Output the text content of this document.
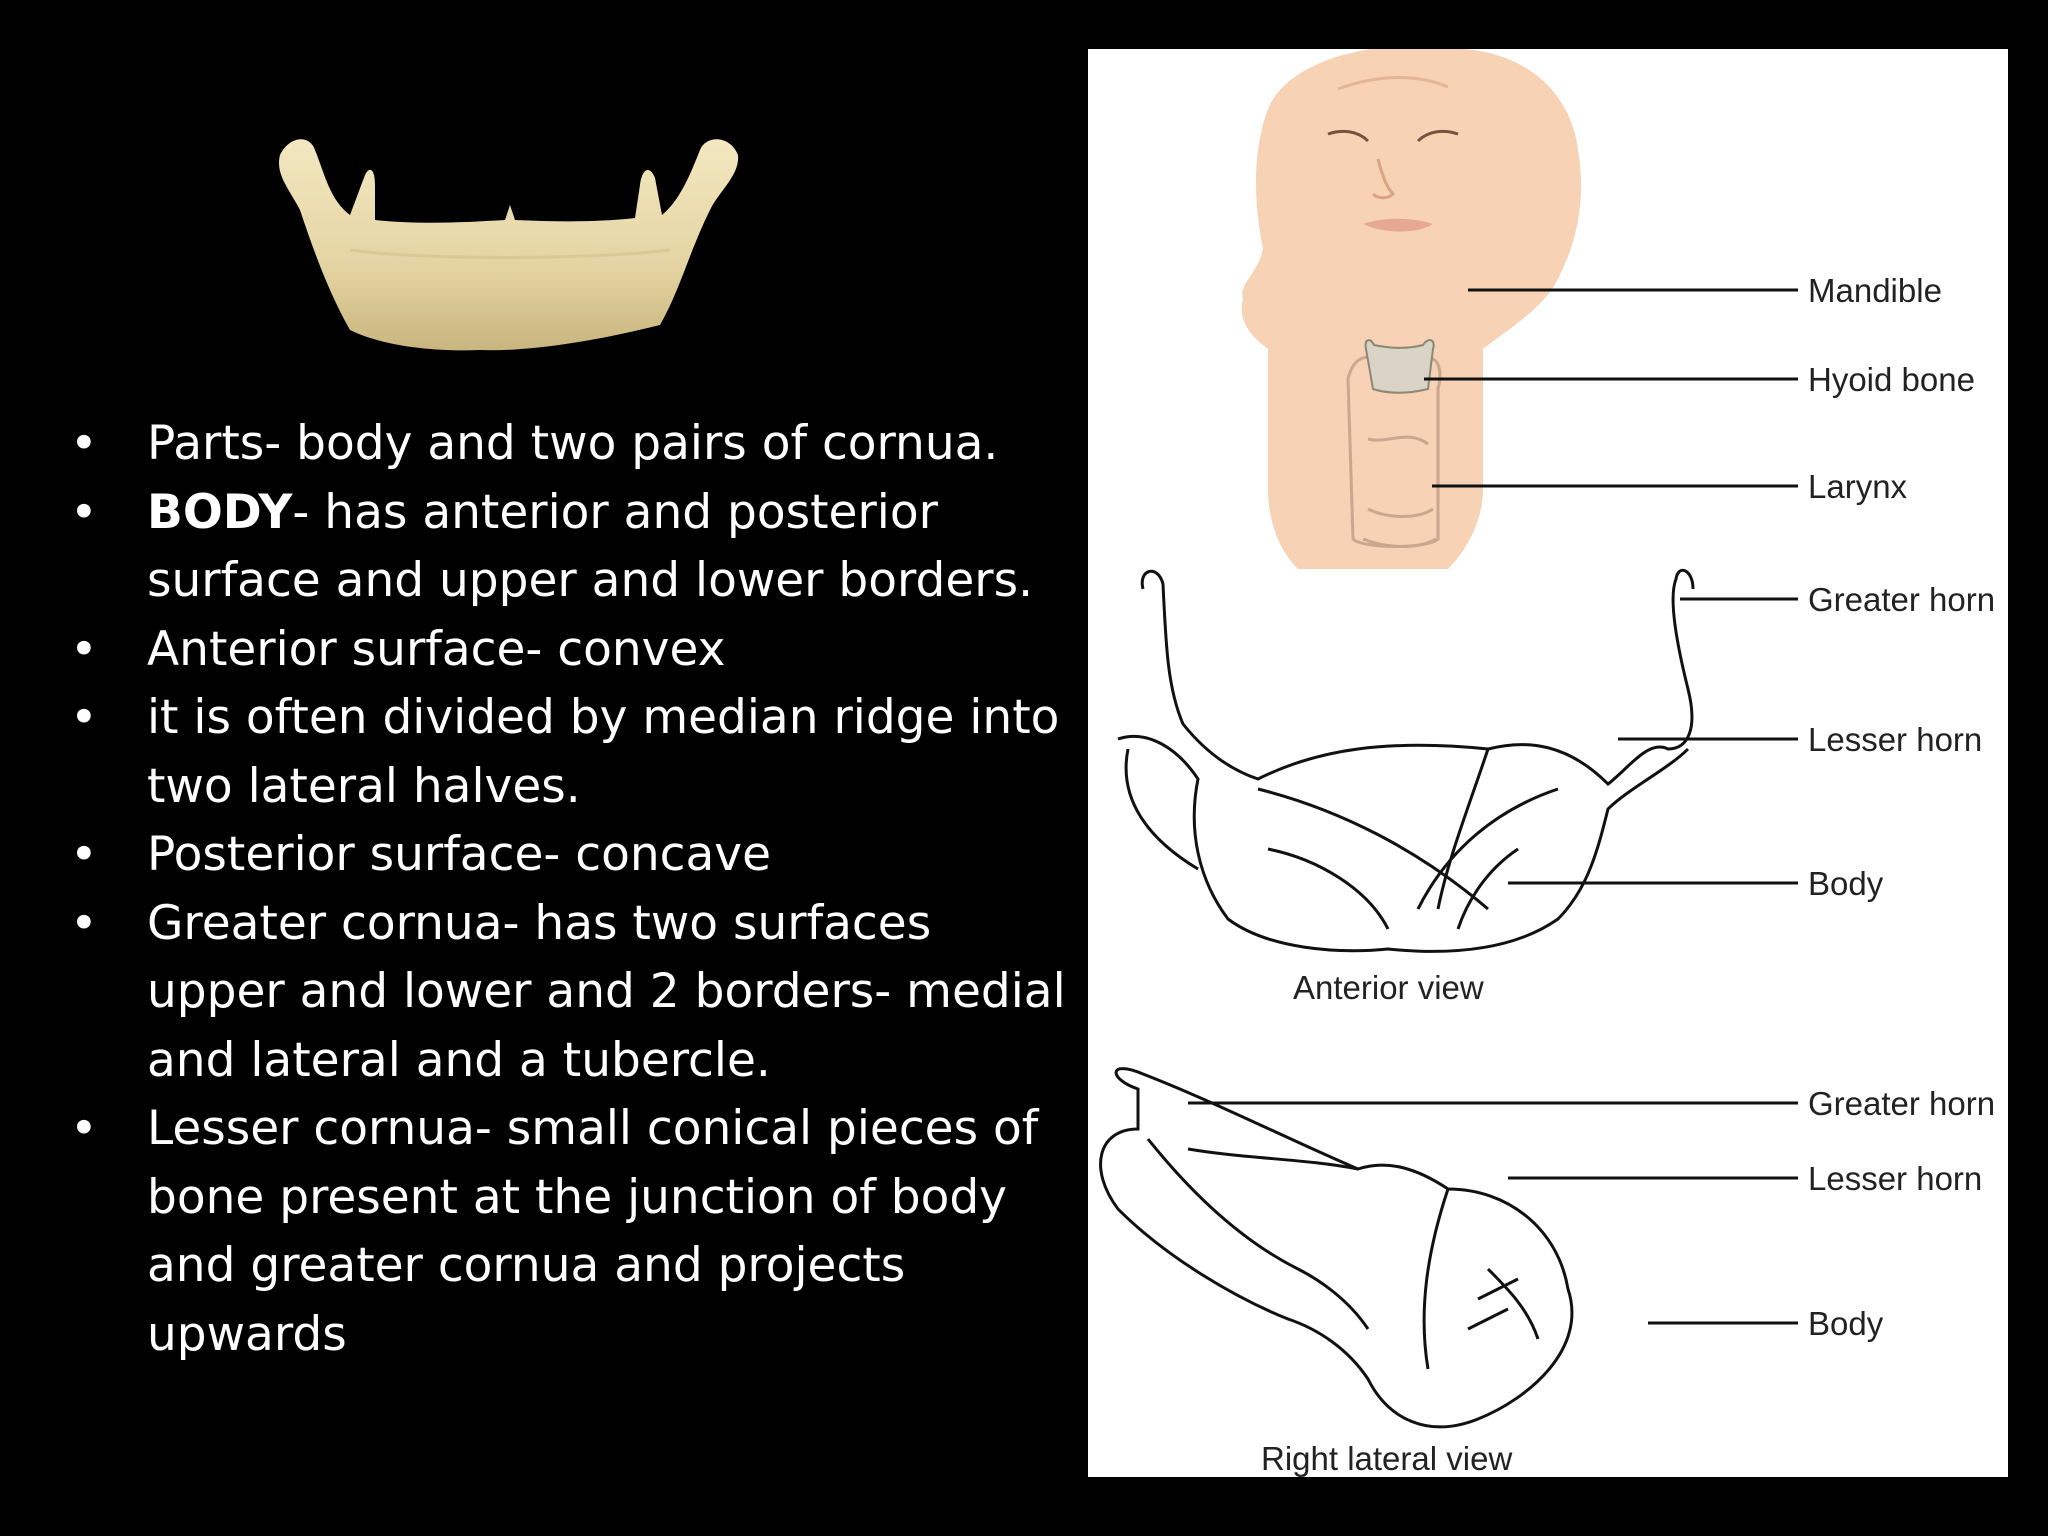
• Parts- body and two pairs of cornua.
• BODY- has anterior and posterior surface and upper and lower borders.
• Anterior surface- convex
• it is often divided by median ridge into two lateral halves.
• Posterior surface- concave
• Greater cornua- has two surfaces upper and lower and 2 borders- medial and lateral and a tubercle.
• Lesser cornua- small conical pieces of bone present at the junction of body and greater cornua and projects upwards
Mandible
Hyoid bone
Larynx
Greater horn
Lesser horn
Body
Greater horn
Lesser horn
Body
Anterior view
Right lateral view
